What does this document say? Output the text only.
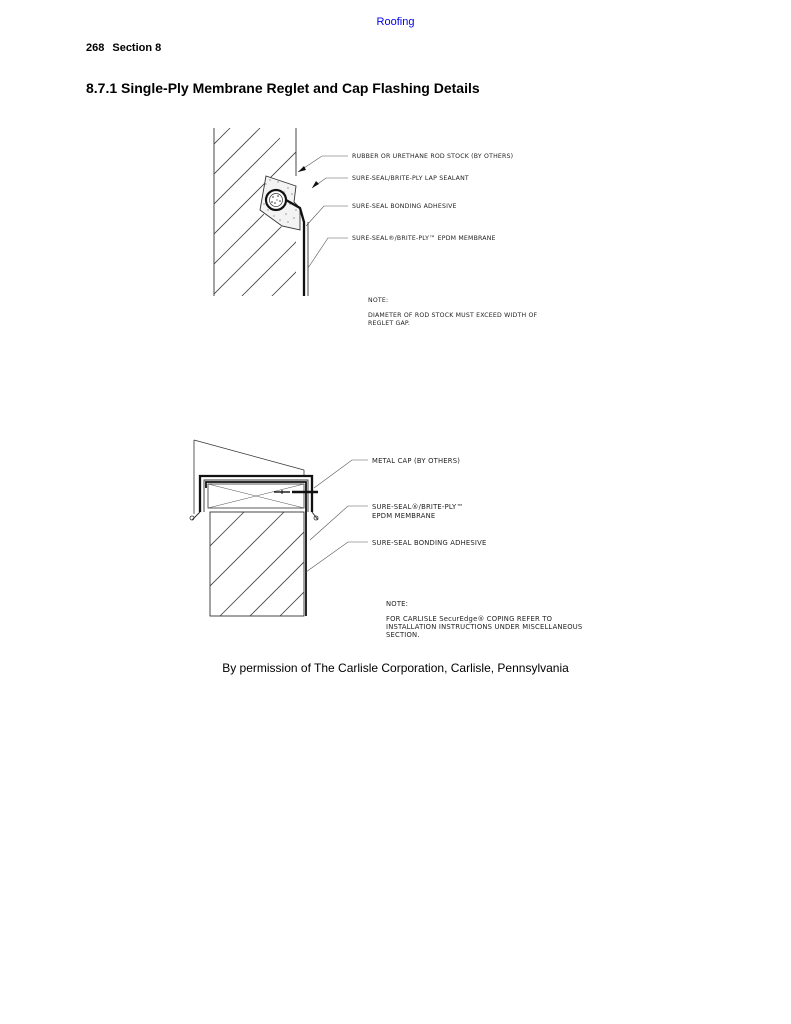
Roofing
268 Section 8
8.7.1 Single-Ply Membrane Reglet and Cap Flashing Details
RUBBER OR URETHANE ROD STOCK (BY OTHERS)
SURE-SEAL/BRITE-PLY LAP SEALANT
SURE-SEAL BONDING ADHESIVE
SURE-SEAL®/BRITE-PLY™ EPDM MEMBRANE
NOTE:
DIAMETER OF ROD STOCK MUST EXCEED WIDTH OF
REGLET GAP.
METAL CAP (BY OTHERS)
SURE-SEAL®/BRITE-PLY™
EPDM MEMBRANE
SURE-SEAL BONDING ADHESIVE
NOTE:
FOR CARLISLE SecurEdge® COPING REFER TO
INSTALLATION INSTRUCTIONS UNDER MISCELLANEOUS
SECTION.
By permission of The Carlisle Corporation, Carlisle, Pennsylvania
